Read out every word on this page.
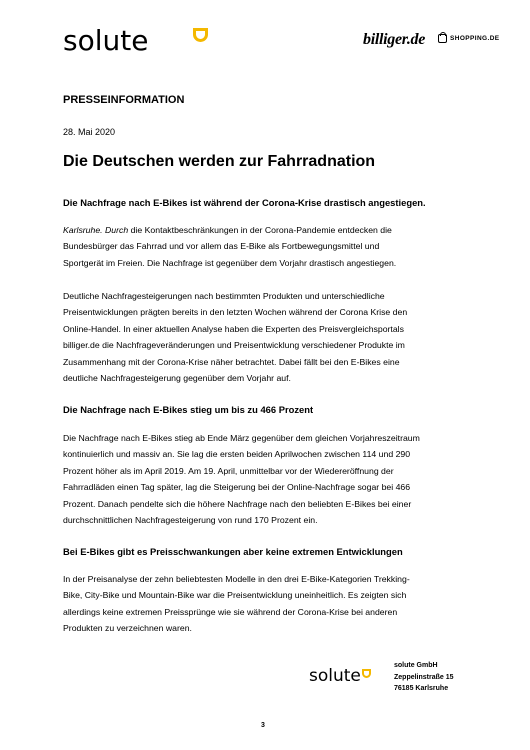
solute	billiger.de	SHOPPING.DE
PRESSEINFORMATION
28. Mai 2020
Die Deutschen werden zur Fahrradnation
Die Nachfrage nach E-Bikes ist während der Corona-Krise drastisch angestiegen.

Karlsruhe. Durch die Kontaktbeschränkungen in der Corona-Pandemie entdecken die
Bundesbürger das Fahrrad und vor allem das E-Bike als Fortbewegungsmittel und
Sportgerät im Freien. Die Nachfrage ist gegenüber dem Vorjahr drastisch angestiegen.

Deutliche Nachfragesteigerungen nach bestimmten Produkten und unterschiedliche
Preisentwicklungen prägten bereits in den letzten Wochen während der Corona Krise den
Online-Handel. In einer aktuellen Analyse haben die Experten des Preisvergleichsportals
billiger.de die Nachfrageveränderungen und Preisentwicklung verschiedener Produkte im
Zusammenhang mit der Corona-Krise näher betrachtet. Dabei fällt bei den E-Bikes eine
deutliche Nachfragesteigerung gegenüber dem Vorjahr auf.

Die Nachfrage nach E-Bikes stieg um bis zu 466 Prozent

Die Nachfrage nach E-Bikes stieg ab Ende März gegenüber dem gleichen Vorjahreszeitraum
kontinuierlich und massiv an. Sie lag die ersten beiden Aprilwochen zwischen 114 und 290
Prozent höher als im April 2019. Am 19. April, unmittelbar vor der Wiedereröffnung der
Fahrradläden einen Tag später, lag die Steigerung bei der Online-Nachfrage sogar bei 466
Prozent. Danach pendelte sich die höhere Nachfrage nach den beliebten E-Bikes bei einer
durchschnittlichen Nachfragesteigerung von rund 170 Prozent ein.

Bei E-Bikes gibt es Preisschwankungen aber keine extremen Entwicklungen

In der Preisanalyse der zehn beliebtesten Modelle in den drei E-Bike-Kategorien Trekking-
Bike, City-Bike und Mountain-Bike war die Preisentwicklung uneinheitlich. Es zeigten sich
allerdings keine extremen Preissprünge wie sie während der Corona-Krise bei anderen
Produkten zu verzeichnen waren.

solute
solute GmbH
Zeppelinstraße 15
76185 Karlsruhe
3
